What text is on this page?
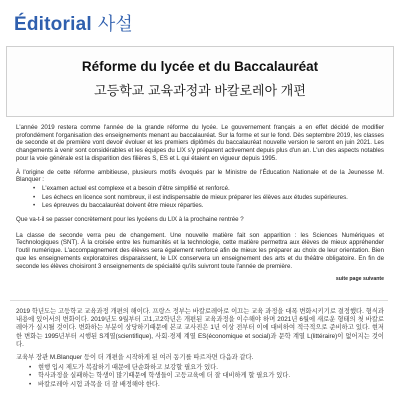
Éditorial 사설
Réforme du lycée et du Baccalauréat
고등학교 교육과정과 바칼로레아 개편

L'année 2019 restera comme l'année de la grande réforme du lycée. Le gouvernement français a en effet décidé de modifier profondément l'organisation des enseignements menant au baccalauréat. Sur la forme et sur le fond. Dès septembre 2019, les classes de seconde et de première vont devoir évoluer et les premiers diplômés du baccalauréat nouvelle version le seront en juin 2021. Les changements à venir sont considérables et les équipes du LIX s'y préparent activement depuis plus d'un an. L'un des aspects notables pour la voie générale est la disparition des filières S, ES et L qui étaient en vigueur depuis 1995.

À l'origine de cette réforme ambitieuse, plusieurs motifs évoqués par le Ministre de l'Éducation Nationale et de la Jeunesse M. Blanquer :

• L'examen actuel est complexe et a besoin d'être simplifié et renforcé.
• Les échecs en licence sont nombreux, il est indispensable de mieux préparer les élèves aux études supérieures.
• Les épreuves du baccalauréat doivent être mieux réparties.

Que va-t-il se passer concrètement pour les lycéens du LIX à la prochaine rentrée ?

La classe de seconde verra peu de changement. Une nouvelle matière fait son apparition : les Sciences Numériques et Technologiques (SNT). À la croisée entre les humanités et la technologie, cette matière permettra aux élèves de mieux appréhender l'outil numérique. L'accompagnement des élèves sera également renforcé afin de mieux les préparer au choix de leur orientation. Bien que les enseignements exploratoires disparaissent, le LIX conservera un enseignement des arts et du théâtre obligatoire. En fin de seconde les élèves choisiront 3 enseignements de spécialité qu'ils suivront toute l'année de première.

suite page suivante

2019 학년도는 고등학교 교육과정 개편의 해이다. 프랑스 정부는 바칼로레아로 이끄는 교육 과정을 대폭 변화시키기로 결정했다. 형식과 내용에 있어서의 변화이다. 2019년도 9월부터 고1,고2학년은 개편된 교육과정을 이수해야 하며 2021년 6월에 새로운 형태의 첫 바칼로레아가 실시될 것이다. 변화하는 부분이 상당하기때문에 본교 교사진은 1년 이상 전부터 이에 대비하여 적극적으로 준비하고 있다. 현저한 변화는 1995년부터 시행된 S계열(scientifique), 사회·경제 계열 ES(économique et social)과 문학 계열 L(littéraire)이 없어지는 것이다.

교육부 장관 M.Blanquer 등이 더 개편을 시작하게 된 여러 동기를 따르자면 다음과 같다.

• 현행 입시 제도가 복잡하기 때문에 단순화하고 보강할 필요가 있다.
• 학사과정을 실패하는 학생이 많기때문에 학생들이 고등교육에 더 잘 대비하게 할 필요가 있다.
• 바칼로레아 시험 과목을 더 잘 배정해야 한다.
